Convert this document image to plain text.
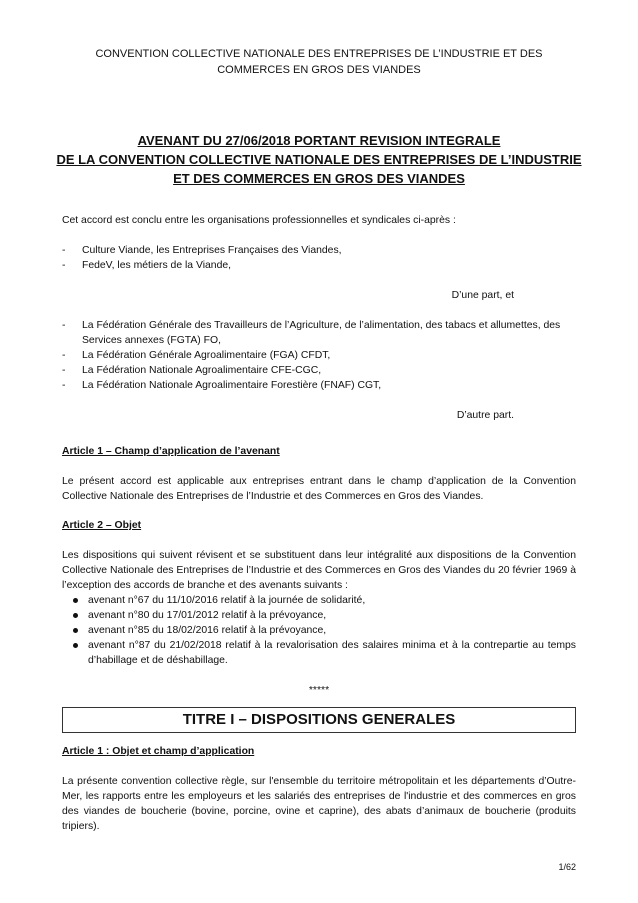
CONVENTION COLLECTIVE NATIONALE DES ENTREPRISES DE L’INDUSTRIE ET DES COMMERCES EN GROS DES VIANDES
AVENANT DU 27/06/2018 PORTANT REVISION INTEGRALE
DE LA CONVENTION COLLECTIVE NATIONALE DES ENTREPRISES DE L’INDUSTRIE
ET DES COMMERCES EN GROS DES VIANDES

Cet accord est conclu entre les organisations professionnelles et syndicales ci-après :

- Culture Viande, les Entreprises Françaises des Viandes,
- FedeV, les métiers de la Viande,

D’une part, et

- La Fédération Générale des Travailleurs de l’Agriculture, de l’alimentation, des tabacs et allumettes, des Services annexes (FGTA) FO,
- La Fédération Générale Agroalimentaire (FGA) CFDT,
- La Fédération Nationale Agroalimentaire CFE-CGC,
- La Fédération Nationale Agroalimentaire Forestière (FNAF) CGT,

D’autre part.

Article 1 – Champ d’application de l’avenant

Le présent accord est applicable aux entreprises entrant dans le champ d’application de la Convention Collective Nationale des Entreprises de l’Industrie et des Commerces en Gros des Viandes.

Article 2 – Objet

Les dispositions qui suivent révisent et se substituent dans leur intégralité aux dispositions de la Convention Collective Nationale des Entreprises de l’Industrie et des Commerces en Gros des Viandes du 20 février 1969 à l’exception des accords de branche et des avenants suivants :

avenant n°67 du 11/10/2016 relatif à la journée de solidarité,
avenant n°80 du 17/01/2012 relatif à la prévoyance,
avenant n°85 du 18/02/2016 relatif à la prévoyance,
avenant n°87 du 21/02/2018 relatif à la revalorisation des salaires minima et à la contrepartie au temps d’habillage et de déshabillage.

*****

TITRE I – DISPOSITIONS GENERALES

Article 1 : Objet et champ d’application

La présente convention collective règle, sur l'ensemble du territoire métropolitain et les départements d’Outre-Mer, les rapports entre les employeurs et les salariés des entreprises de l'industrie et des commerces en gros des viandes de boucherie (bovine, porcine, ovine et caprine), des abats d’animaux de boucherie (produits tripiers).

1/62
